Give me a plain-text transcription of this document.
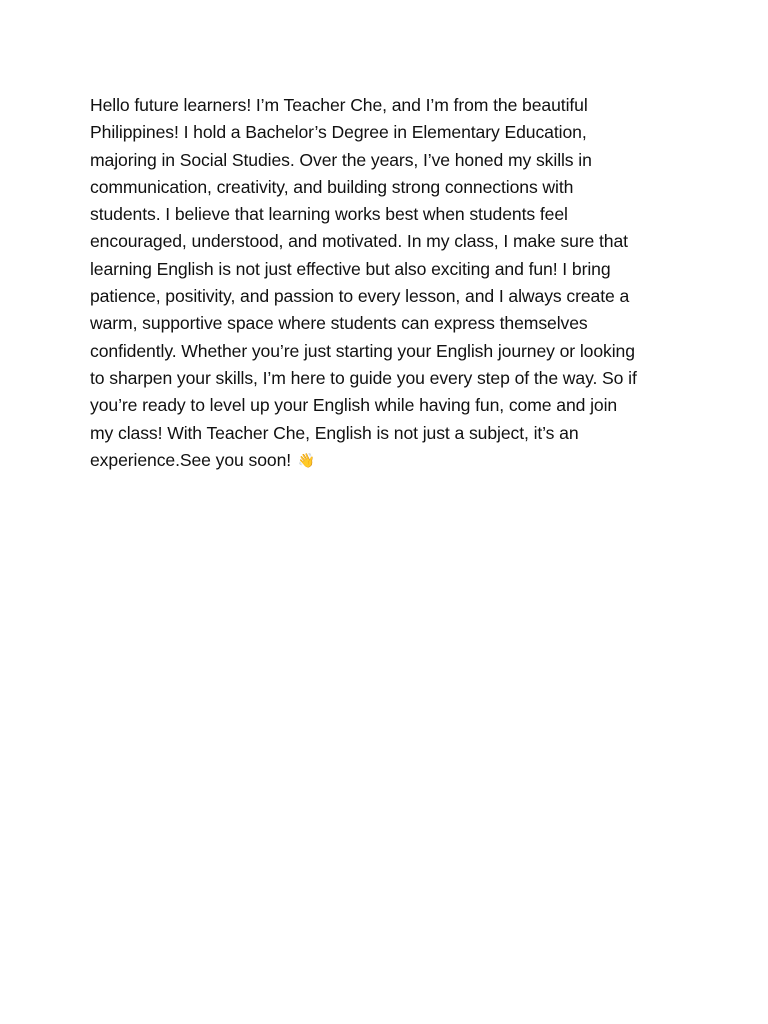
Hello future learners! I’m Teacher Che, and I’m from the beautiful
Philippines! I hold a Bachelor’s Degree in Elementary Education,
majoring in Social Studies. Over the years, I’ve honed my skills in
communication, creativity, and building strong connections with
students. I believe that learning works best when students feel
encouraged, understood, and motivated. In my class, I make sure that
learning English is not just effective but also exciting and fun! I bring
patience, positivity, and passion to every lesson, and I always create a
warm, supportive space where students can express themselves
confidently. Whether you’re just starting your English journey or looking
to sharpen your skills, I’m here to guide you every step of the way. So if
you’re ready to level up your English while having fun, come and join
my class! With Teacher Che, English is not just a subject, it’s an
experience.See you soon! 👋
